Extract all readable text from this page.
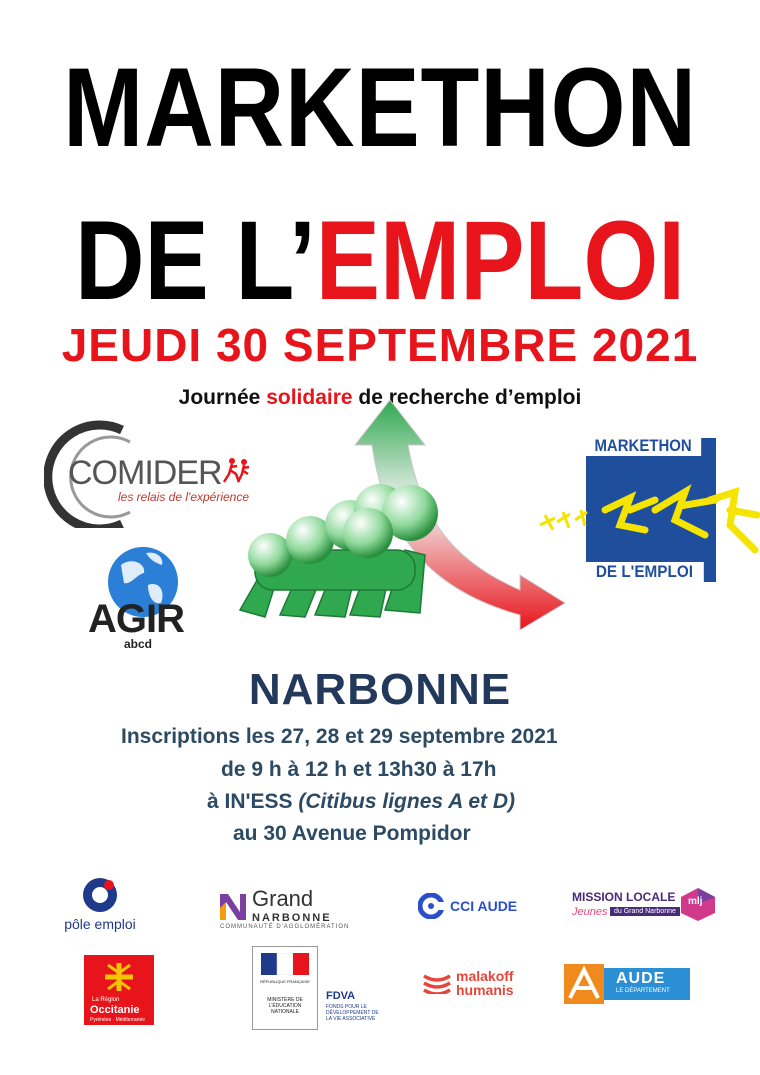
MARKETHON
DE L’EMPLOI
JEUDI 30 SEPTEMBRE 2021
Journée solidaire de recherche d’emploi
COMIDER
les relais de l'expérience
MARKETHON
DE L'EMPLOI
AGIR
abcd
NARBONNE
Inscriptions les 27, 28 et 29 septembre 2021
de 9 h à 12 h et 13h30 à 17h
à IN'ESS (Citibus lignes A et D)
au 30 Avenue Pompidor
pôle emploi
Grand
NARBONNE
COMMUNAUTÉ D'AGGLOMÉRATION
CCI AUDE
MISSION LOCALE
Jeunes du Grand Narbonne
mlj
La Région
Occitanie
Pyrénées · Méditerranée
RÉPUBLIQUE FRANÇAISE
MINISTÈRE DE L'ÉDUCATION NATIONALE
FDVA
FONDS POUR LE DÉVELOPPEMENT DE LA VIE ASSOCIATIVE
malakoff
humanis
AUDE
LE DÉPARTEMENT
